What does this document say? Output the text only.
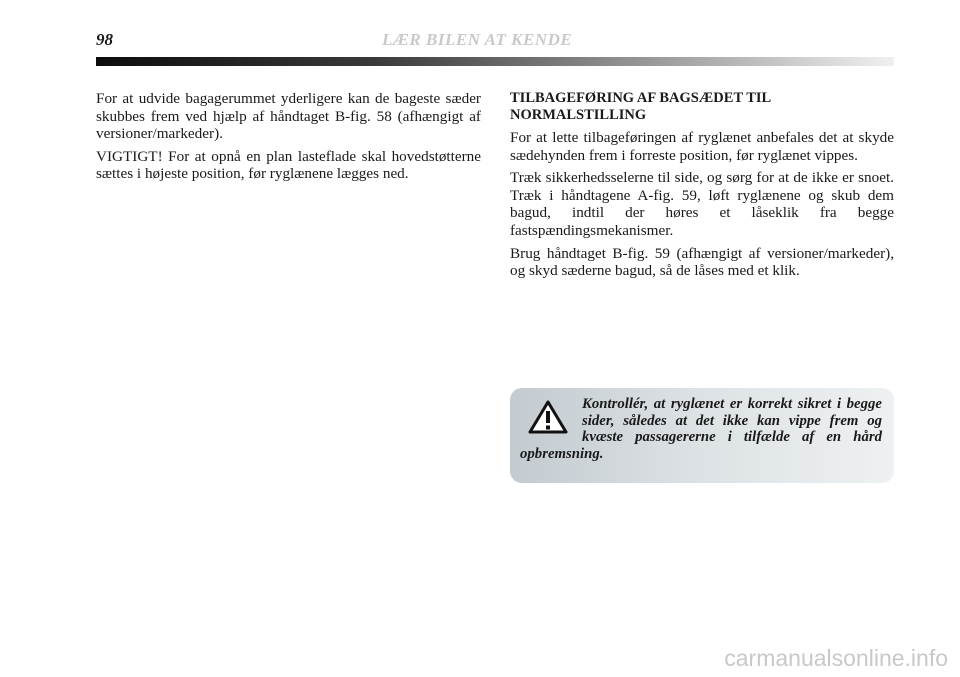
98	LÆR BILEN AT KENDE

For at udvide bagagerummet yderligere kan de bageste sæder skubbes frem ved hjælp af håndtaget B-fig. 58 (afhængigt af versioner/markeder).

VIGTIGT! For at opnå en plan lasteflade skal hovedstøtterne sættes i højeste position, før ryglænene lægges ned.

TILBAGEFØRING AF BAGSÆDET TIL
NORMALSTILLING

For at lette tilbageføringen af ryglænet anbefales det at skyde sædehynden frem i forreste position, før ryglænet vippes.

Træk sikkerhedsselerne til side, og sørg for at de ikke er snoet. Træk i håndtagene A-fig. 59, løft ryglænene og skub dem bagud, indtil der høres et låseklik fra begge fastspændingsmekanismer.

Brug håndtaget B-fig. 59 (afhængigt af versioner/markeder), og skyd sæderne bagud, så de låses med et klik.

Kontrollér, at ryglænet er korrekt sikret i begge sider, således at det ikke kan vippe frem og kvæste passagererne i tilfælde af en hård opbremsning.

carmanualsonline.info
